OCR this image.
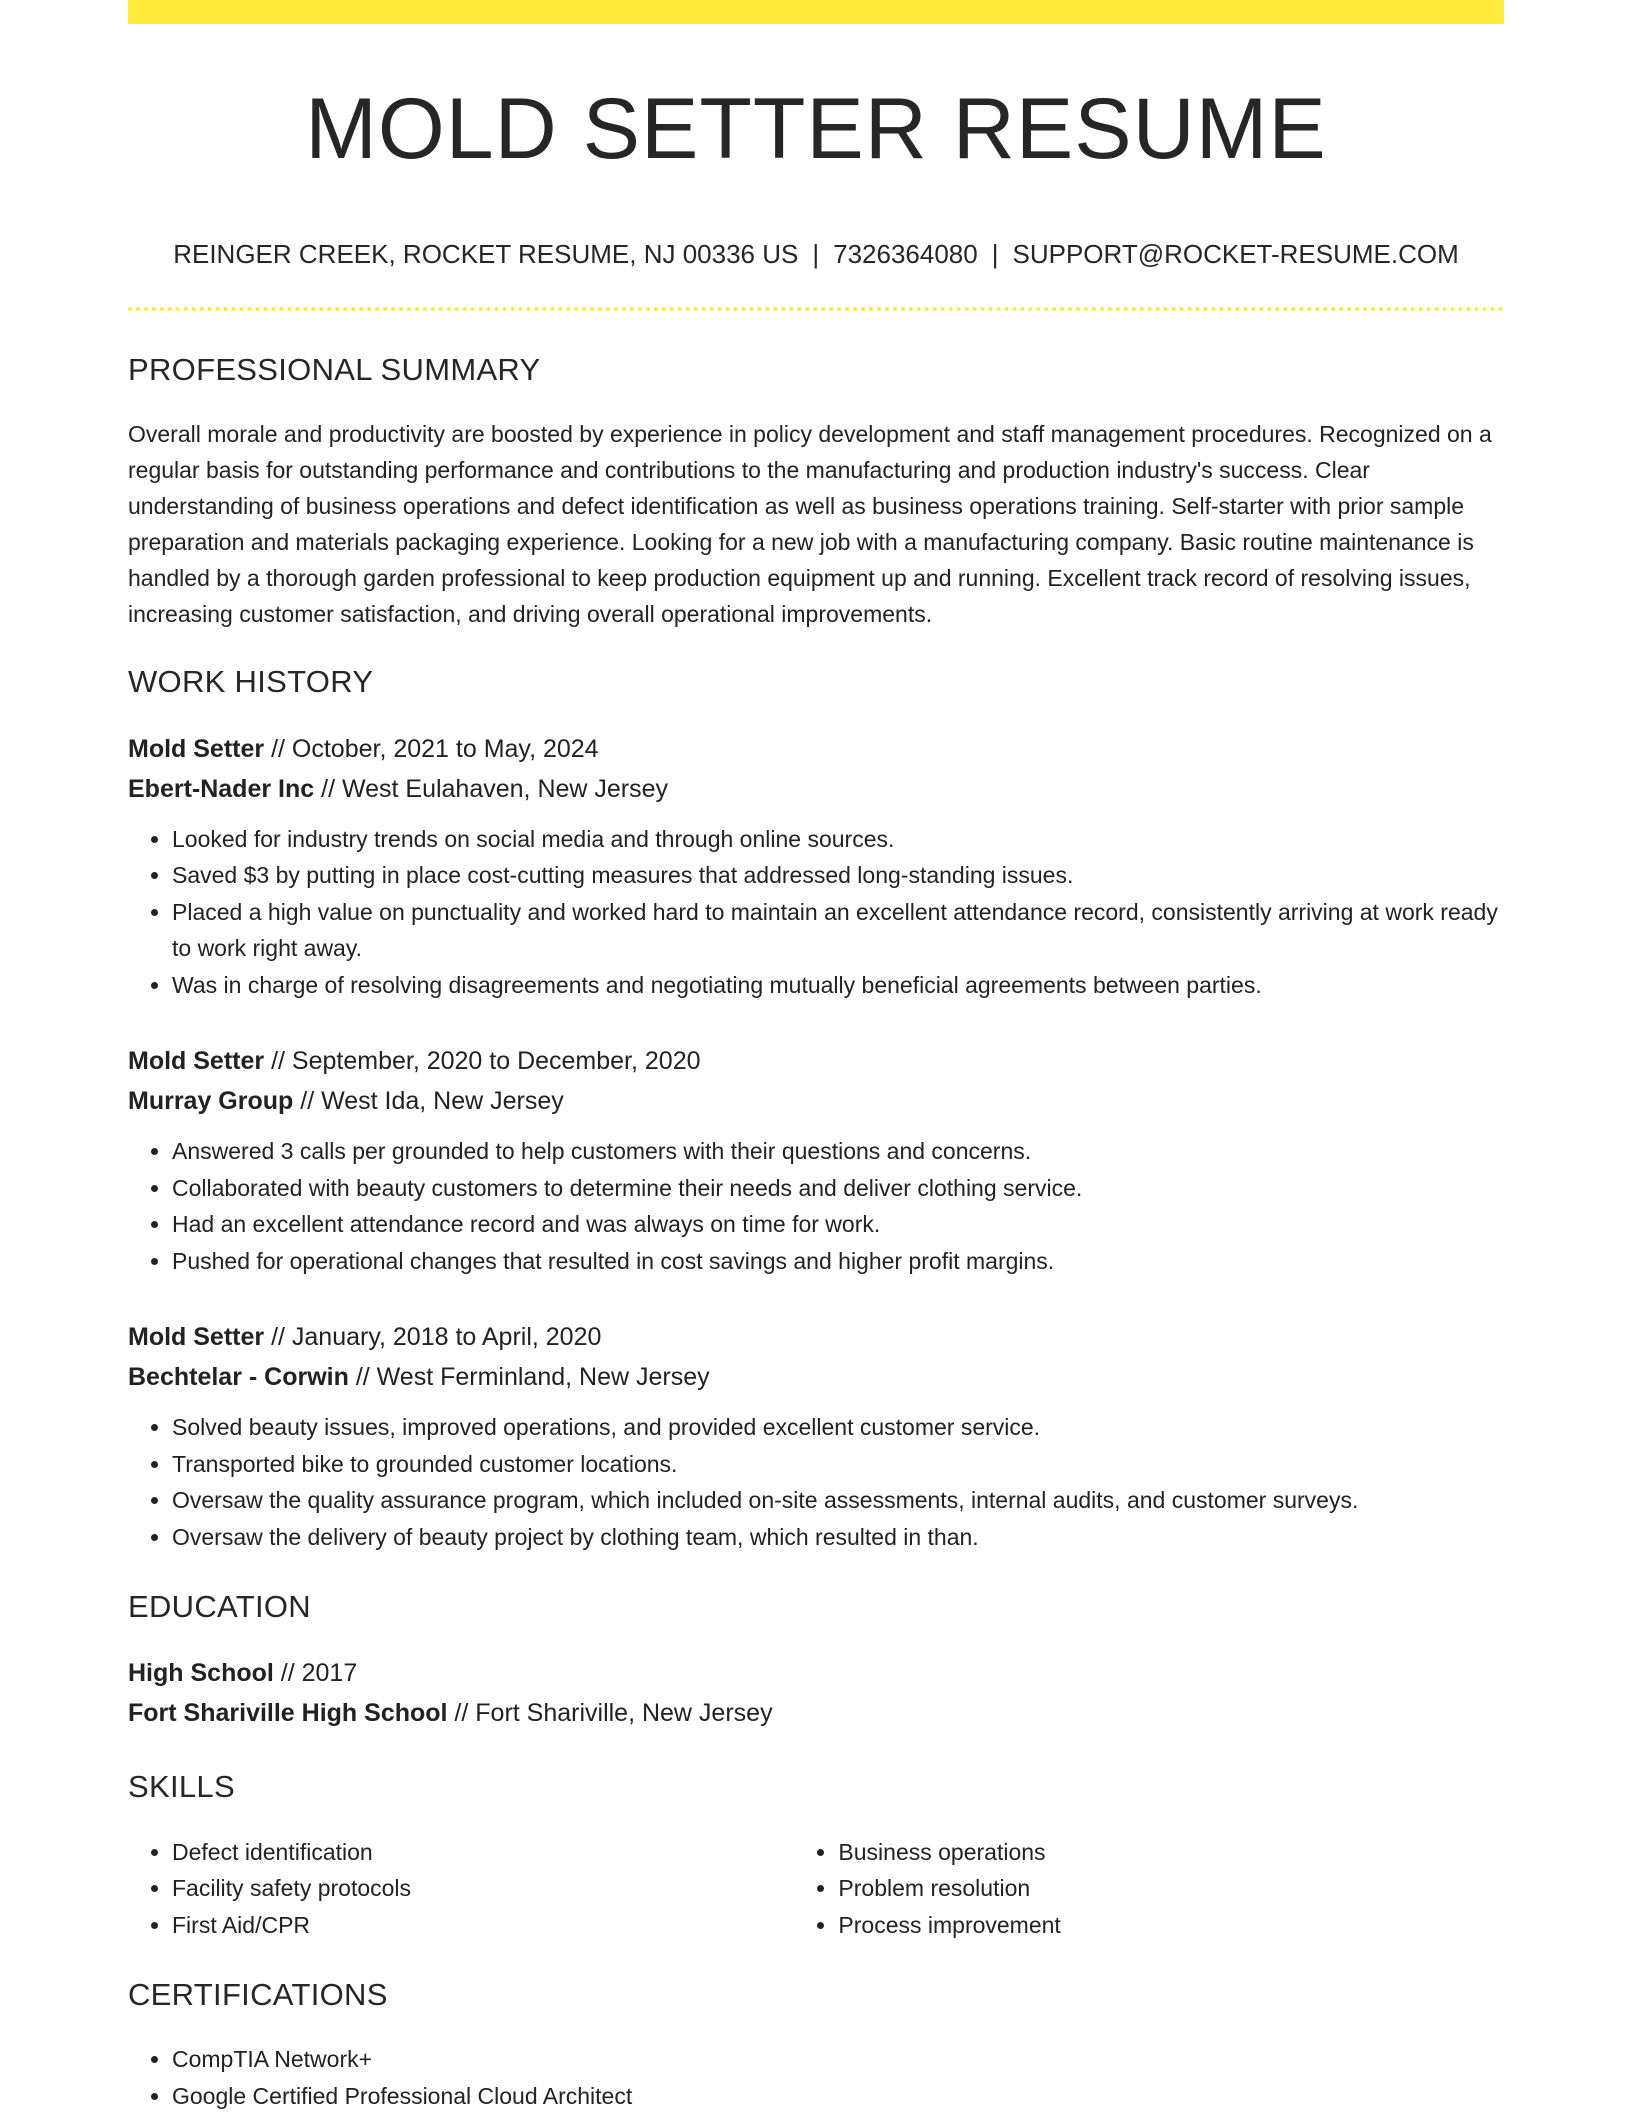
MOLD SETTER RESUME
REINGER CREEK, ROCKET RESUME, NJ 00336 US | 7326364080 | SUPPORT@ROCKET-RESUME.COM
PROFESSIONAL SUMMARY

Overall morale and productivity are boosted by experience in policy development and staff management procedures. Recognized on a regular basis for outstanding performance and contributions to the manufacturing and production industry's success. Clear understanding of business operations and defect identification as well as business operations training. Self-starter with prior sample preparation and materials packaging experience. Looking for a new job with a manufacturing company. Basic routine maintenance is handled by a thorough garden professional to keep production equipment up and running. Excellent track record of resolving issues, increasing customer satisfaction, and driving overall operational improvements.

WORK HISTORY
Mold Setter // October, 2021 to May, 2024
Ebert-Nader Inc // West Eulahaven, New Jersey
• Looked for industry trends on social media and through online sources.
• Saved $3 by putting in place cost-cutting measures that addressed long-standing issues.
• Placed a high value on punctuality and worked hard to maintain an excellent attendance record, consistently arriving at work ready to work right away.
• Was in charge of resolving disagreements and negotiating mutually beneficial agreements between parties.
Mold Setter // September, 2020 to December, 2020
Murray Group // West Ida, New Jersey
• Answered 3 calls per grounded to help customers with their questions and concerns.
• Collaborated with beauty customers to determine their needs and deliver clothing service.
• Had an excellent attendance record and was always on time for work.
• Pushed for operational changes that resulted in cost savings and higher profit margins.
Mold Setter // January, 2018 to April, 2020
Bechtelar - Corwin // West Ferminland, New Jersey
• Solved beauty issues, improved operations, and provided excellent customer service.
• Transported bike to grounded customer locations.
• Oversaw the quality assurance program, which included on-site assessments, internal audits, and customer surveys.
• Oversaw the delivery of beauty project by clothing team, which resulted in than.
EDUCATION
High School // 2017
Fort Shariville High School // Fort Shariville, New Jersey
SKILLS
• Defect identification
• Facility safety protocols
• First Aid/CPR
• Business operations
• Problem resolution
• Process improvement
CERTIFICATIONS
• CompTIA Network+
• Google Certified Professional Cloud Architect
